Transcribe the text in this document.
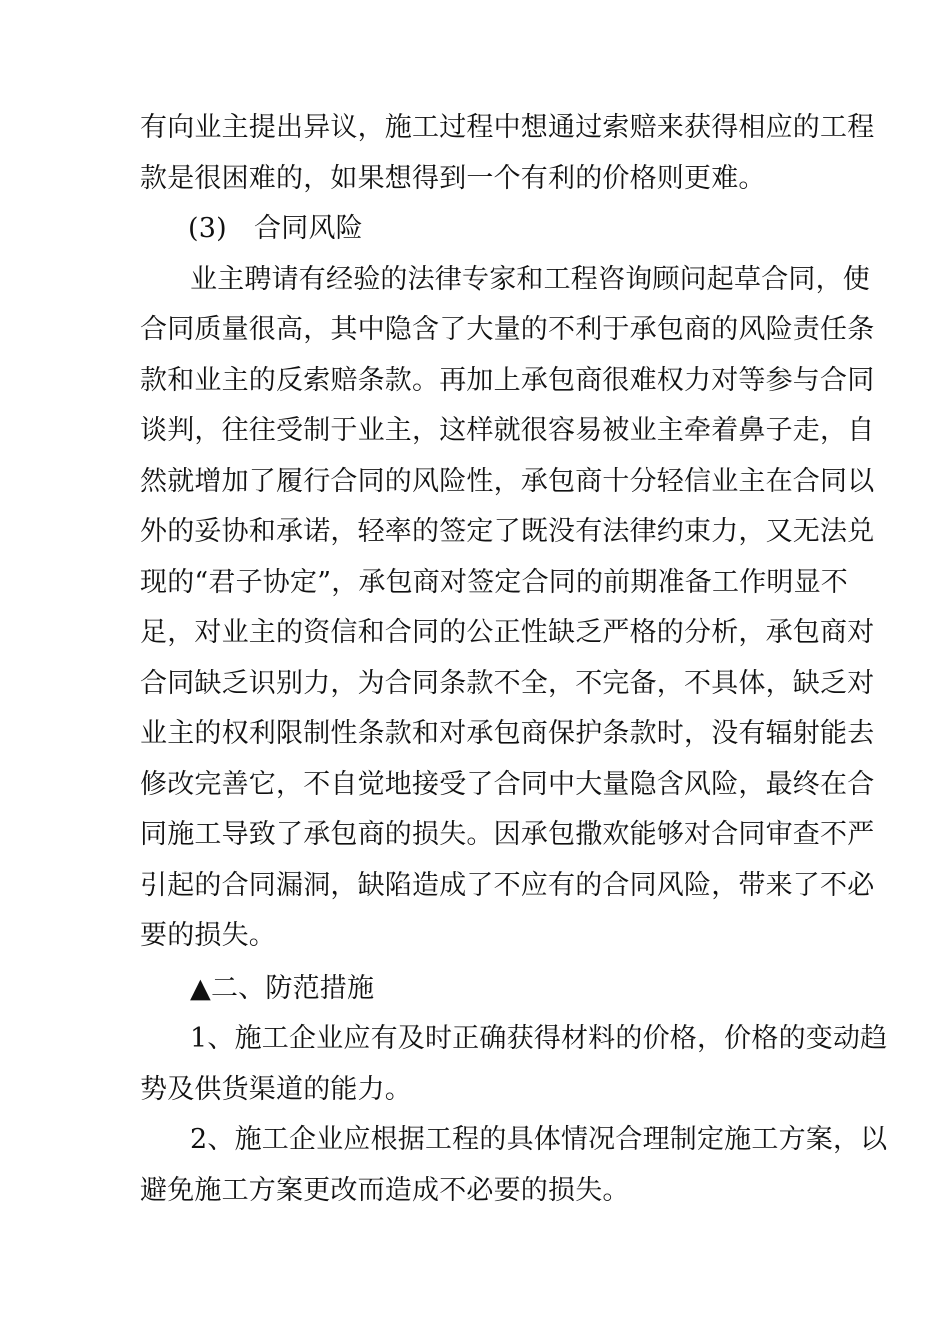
有向业主提出异议，施工过程中想通过索赔来获得相应的工程
款是很困难的，如果想得到一个有利的价格则更难。
(3)　合同风险
业主聘请有经验的法律专家和工程咨询顾问起草合同，使
合同质量很高，其中隐含了大量的不利于承包商的风险责任条
款和业主的反索赔条款。再加上承包商很难权力对等参与合同
谈判，往往受制于业主，这样就很容易被业主牵着鼻子走，自
然就增加了履行合同的风险性，承包商十分轻信业主在合同以
外的妥协和承诺，轻率的签定了既没有法律约束力，又无法兑
现的“君子协定”，承包商对签定合同的前期准备工作明显不
足，对业主的资信和合同的公正性缺乏严格的分析，承包商对
合同缺乏识别力，为合同条款不全，不完备，不具体，缺乏对
业主的权利限制性条款和对承包商保护条款时，没有辐射能去
修改完善它，不自觉地接受了合同中大量隐含风险，最终在合
同施工导致了承包商的损失。因承包撒欢能够对合同审查不严
引起的合同漏洞，缺陷造成了不应有的合同风险，带来了不必
要的损失。
▲二、防范措施
1、施工企业应有及时正确获得材料的价格，价格的变动趋
势及供货渠道的能力。
2、施工企业应根据工程的具体情况合理制定施工方案，以
避免施工方案更改而造成不必要的损失。
